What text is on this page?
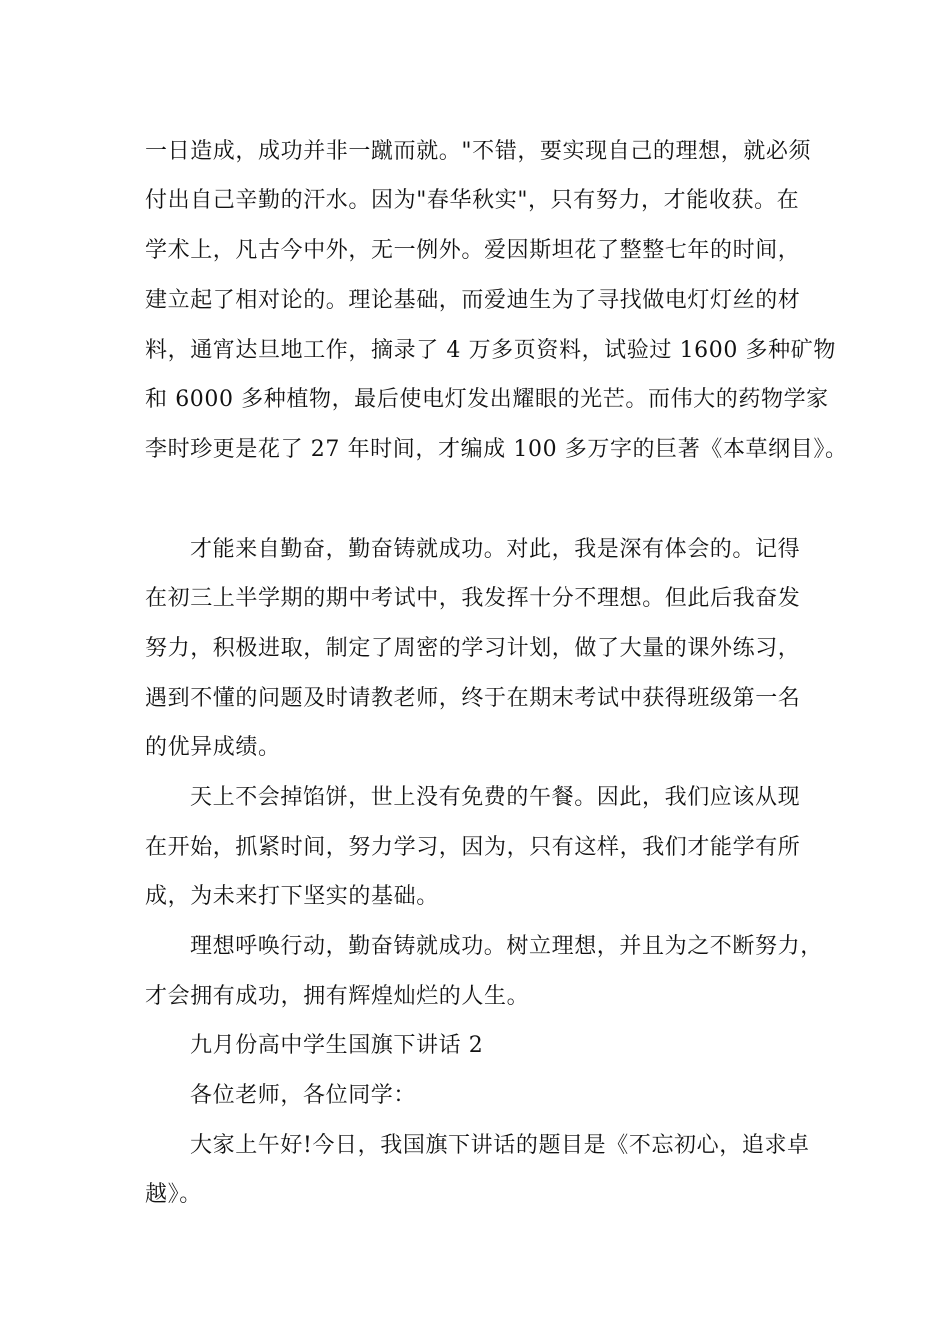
一日造成，成功并非一蹴而就。"不错，要实现自己的理想，就必须
付出自己辛勤的汗水。因为"春华秋实"，只有努力，才能收获。在
学术上，凡古今中外，无一例外。爱因斯坦花了整整七年的时间，
建立起了相对论的。理论基础，而爱迪生为了寻找做电灯灯丝的材
料，通宵达旦地工作，摘录了 4 万多页资料，试验过 1600 多种矿物
和 6000 多种植物，最后使电灯发出耀眼的光芒。而伟大的药物学家
李时珍更是花了 27 年时间，才编成 100 多万字的巨著《本草纲目》。
才能来自勤奋，勤奋铸就成功。对此，我是深有体会的。记得
在初三上半学期的期中考试中，我发挥十分不理想。但此后我奋发
努力，积极进取，制定了周密的学习计划，做了大量的课外练习，
遇到不懂的问题及时请教老师，终于在期末考试中获得班级第一名
的优异成绩。
天上不会掉馅饼，世上没有免费的午餐。因此，我们应该从现
在开始，抓紧时间，努力学习，因为，只有这样，我们才能学有所
成，为未来打下坚实的基础。
理想呼唤行动，勤奋铸就成功。树立理想，并且为之不断努力，
才会拥有成功，拥有辉煌灿烂的人生。
九月份高中学生国旗下讲话 2
各位老师，各位同学：
大家上午好!今日，我国旗下讲话的题目是《不忘初心，追求卓
越》。
